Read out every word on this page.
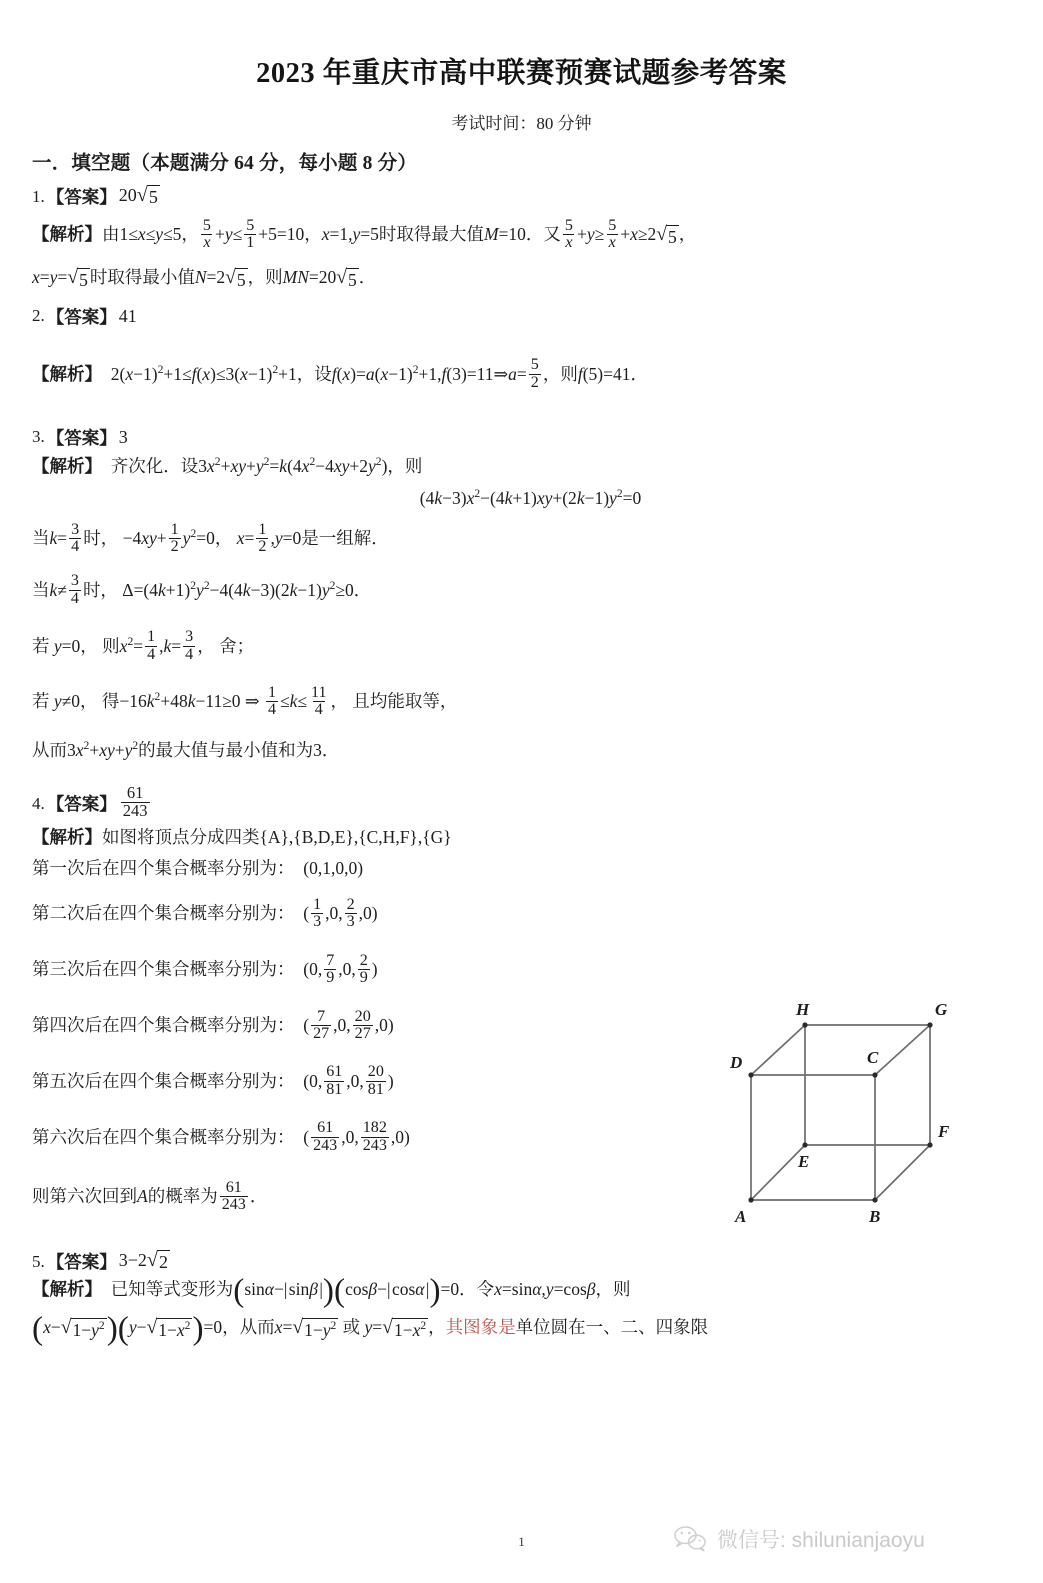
2023 年重庆市高中联赛预赛试题参考答案
考试时间：80 分钟
一．填空题（本题满分 64 分，每小题 8 分）
1. 【答案】 20 √ 5
【解析】由1≤x≤y≤5， $\frac{5}{x} +y\le \frac{5}{1} +5=10$，x=1,y=5时取得最大值M=10．又 $\frac{5}{x} +y\ge \frac{5}{x} +x\ge 2$ √ 5 ，
x=y= √ 5 时取得最小值N=2 √ 5 ，则MN=20 √ 5 ．
2. 【答案】 41
【解析】  $2(x-1)^2+1\le f(x)\le 3(x-1)^2+1$，设$f(x)=a(x-1)^2+1,f(3)=11\Rightarrow a= \frac{5}{2}$ ，则f(5)=41．
3. 【答案】 3
【解析】  齐次化．设$3x^2+xy+y^2=k(4x^2-4xy+2y^2)$，则
$(4k-3)x^2-(4k+1)xy+(2k-1)y^2=0$
当$k= \frac{3}{4}$ 时， $-4xy+ \frac{1}{2} y^2=0$， $x= \frac{1}{2} ,y=0$是一组解．
当$k\ne \frac{3}{4}$ 时， $\Delta=(4k+1)^2y^2-4(4k-3)(2k-1)y^2\ge 0$．
若 y=0， 则$x^2= \frac{1}{4} ,k= \frac{3}{4}$ ， 舍；
若 y≠0， 得$-16k^2+48k-11\ge 0$ ⇒ $\frac{1}{4} \le k\le \frac{11}{4}$ ， 且均能取等，
从而$3x^2+xy+y^2$的最大值与最小值和为3．
4. 【答案】 $\frac{61}{243}$
【解析】如图将顶点分成四类{A},{B,D,E},{C,H,F},{G}
第一次后在四个集合概率分别为： (0,1,0,0)
第二次后在四个集合概率分别为： ( $\frac{1}{3} ,0$, $\frac{2}{3} ,0$)
第三次后在四个集合概率分别为： (0, $\frac{7}{9} ,0$, $\frac{2}{9}$ )
第四次后在四个集合概率分别为： ( $\frac{7}{27} ,0$, $\frac{20}{27} ,0$)
第五次后在四个集合概率分别为： (0, $\frac{61}{81} ,0$, $\frac{20}{81}$ )
第六次后在四个集合概率分别为： ( $\frac{61}{243} ,0$, $\frac{182}{243} ,0$)
则第六次回到A的概率为 $\frac{61}{243}$ ．
5. 【答案】 3−2 √ 2
【解析】  已知等式变形为(sinα−| sinβ |)(cosβ−| cosα |)=0．令x=sinα,y=cosβ，则
(x− √ $1-y^2$ )(y− √ $1-x^2$ )=0，从而x= √ $1-y^2$ 或 y= √ $1-x^2$ ，其图象是单位圆在一、二、四象限
A	B
C
D
E
F
G
H
1	微信号: shilunianjaoyu
